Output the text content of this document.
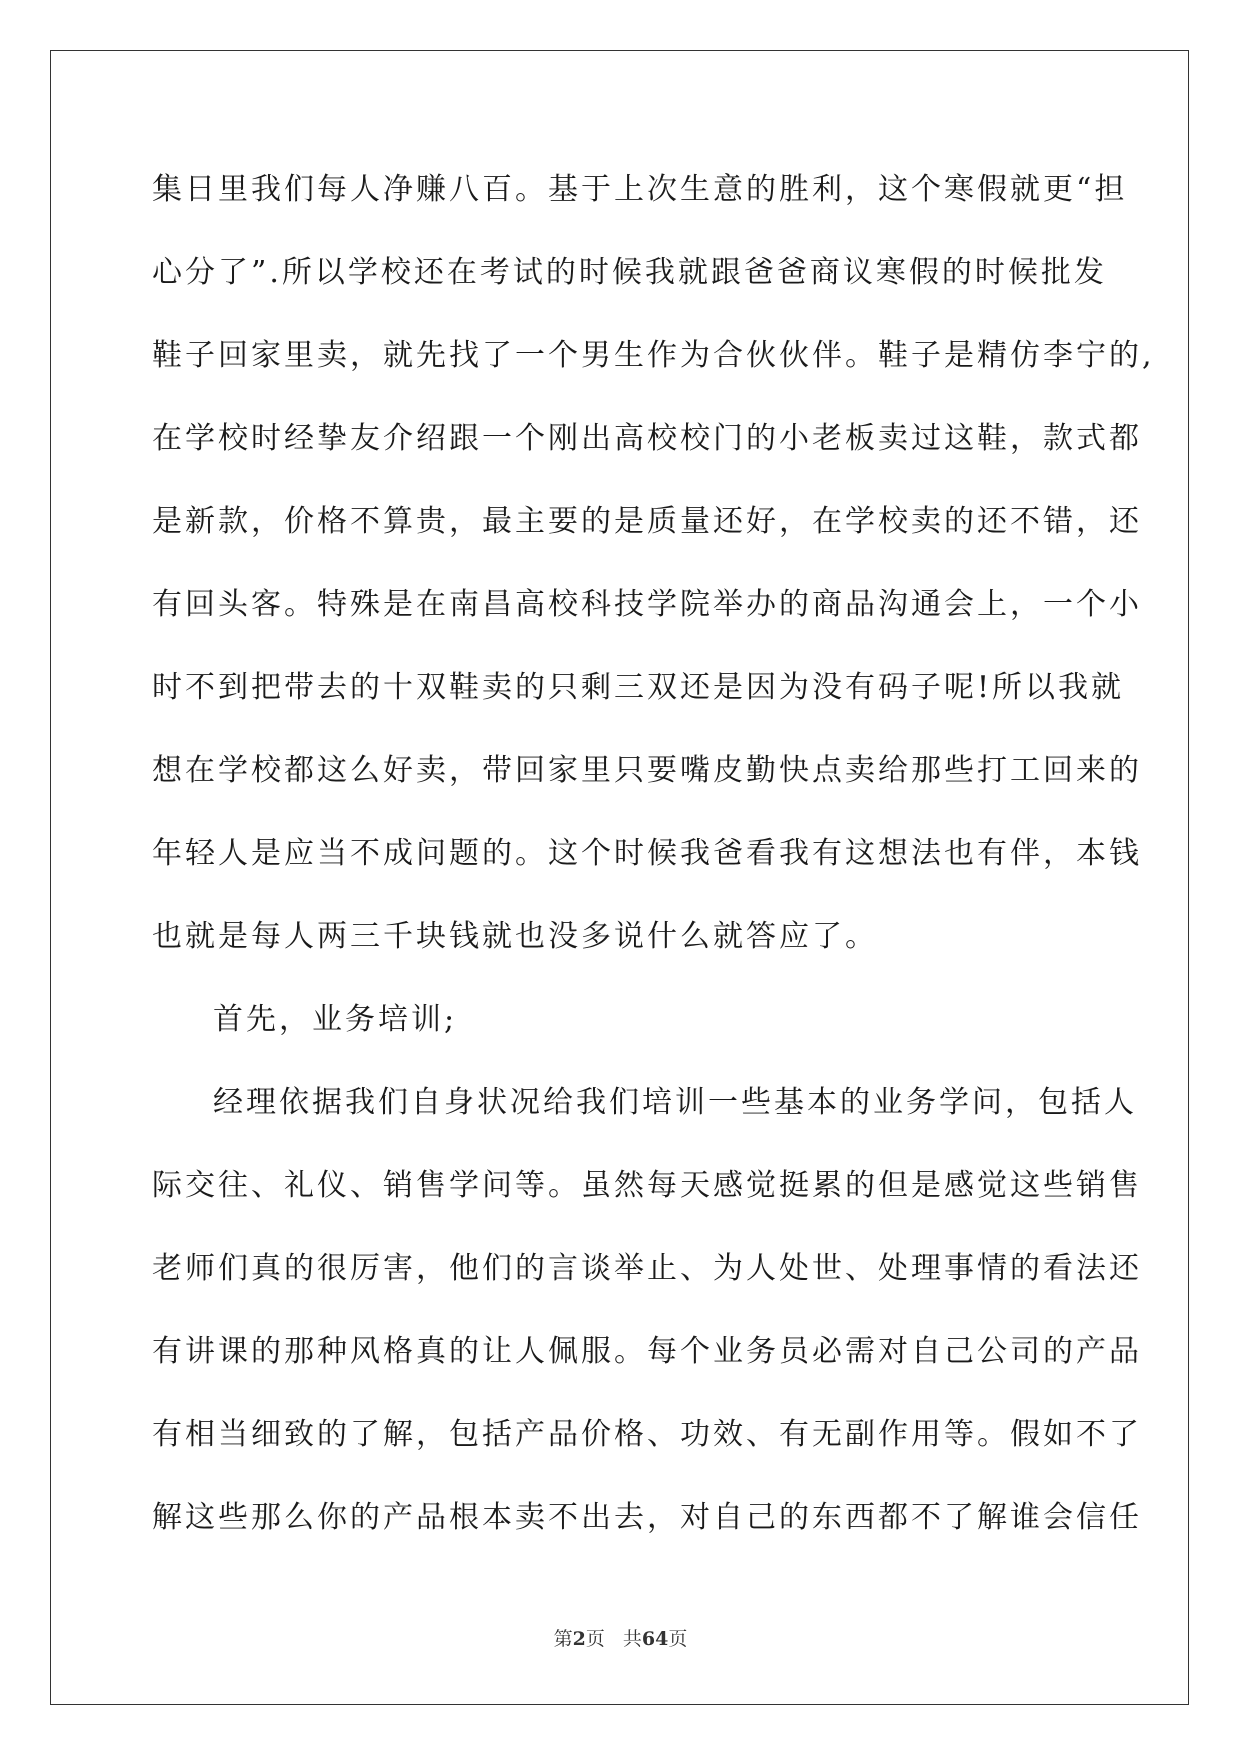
集日里我们每人净赚八百。基于上次生意的胜利，这个寒假就更“担
心分了”.所以学校还在考试的时候我就跟爸爸商议寒假的时候批发
鞋子回家里卖，就先找了一个男生作为合伙伙伴。鞋子是精仿李宁的,
在学校时经挚友介绍跟一个刚出高校校门的小老板卖过这鞋，款式都
是新款，价格不算贵，最主要的是质量还好，在学校卖的还不错，还
有回头客。特殊是在南昌高校科技学院举办的商品沟通会上，一个小
时不到把带去的十双鞋卖的只剩三双还是因为没有码子呢!所以我就
想在学校都这么好卖，带回家里只要嘴皮勤快点卖给那些打工回来的
年轻人是应当不成问题的。这个时候我爸看我有这想法也有伴，本钱
也就是每人两三千块钱就也没多说什么就答应了。
首先，业务培训;
经理依据我们自身状况给我们培训一些基本的业务学问，包括人
际交往、礼仪、销售学问等。虽然每天感觉挺累的但是感觉这些销售
老师们真的很厉害，他们的言谈举止、为人处世、处理事情的看法还
有讲课的那种风格真的让人佩服。每个业务员必需对自己公司的产品
有相当细致的了解，包括产品价格、功效、有无副作用等。假如不了
解这些那么你的产品根本卖不出去，对自己的东西都不了解谁会信任
第2页 共64页
